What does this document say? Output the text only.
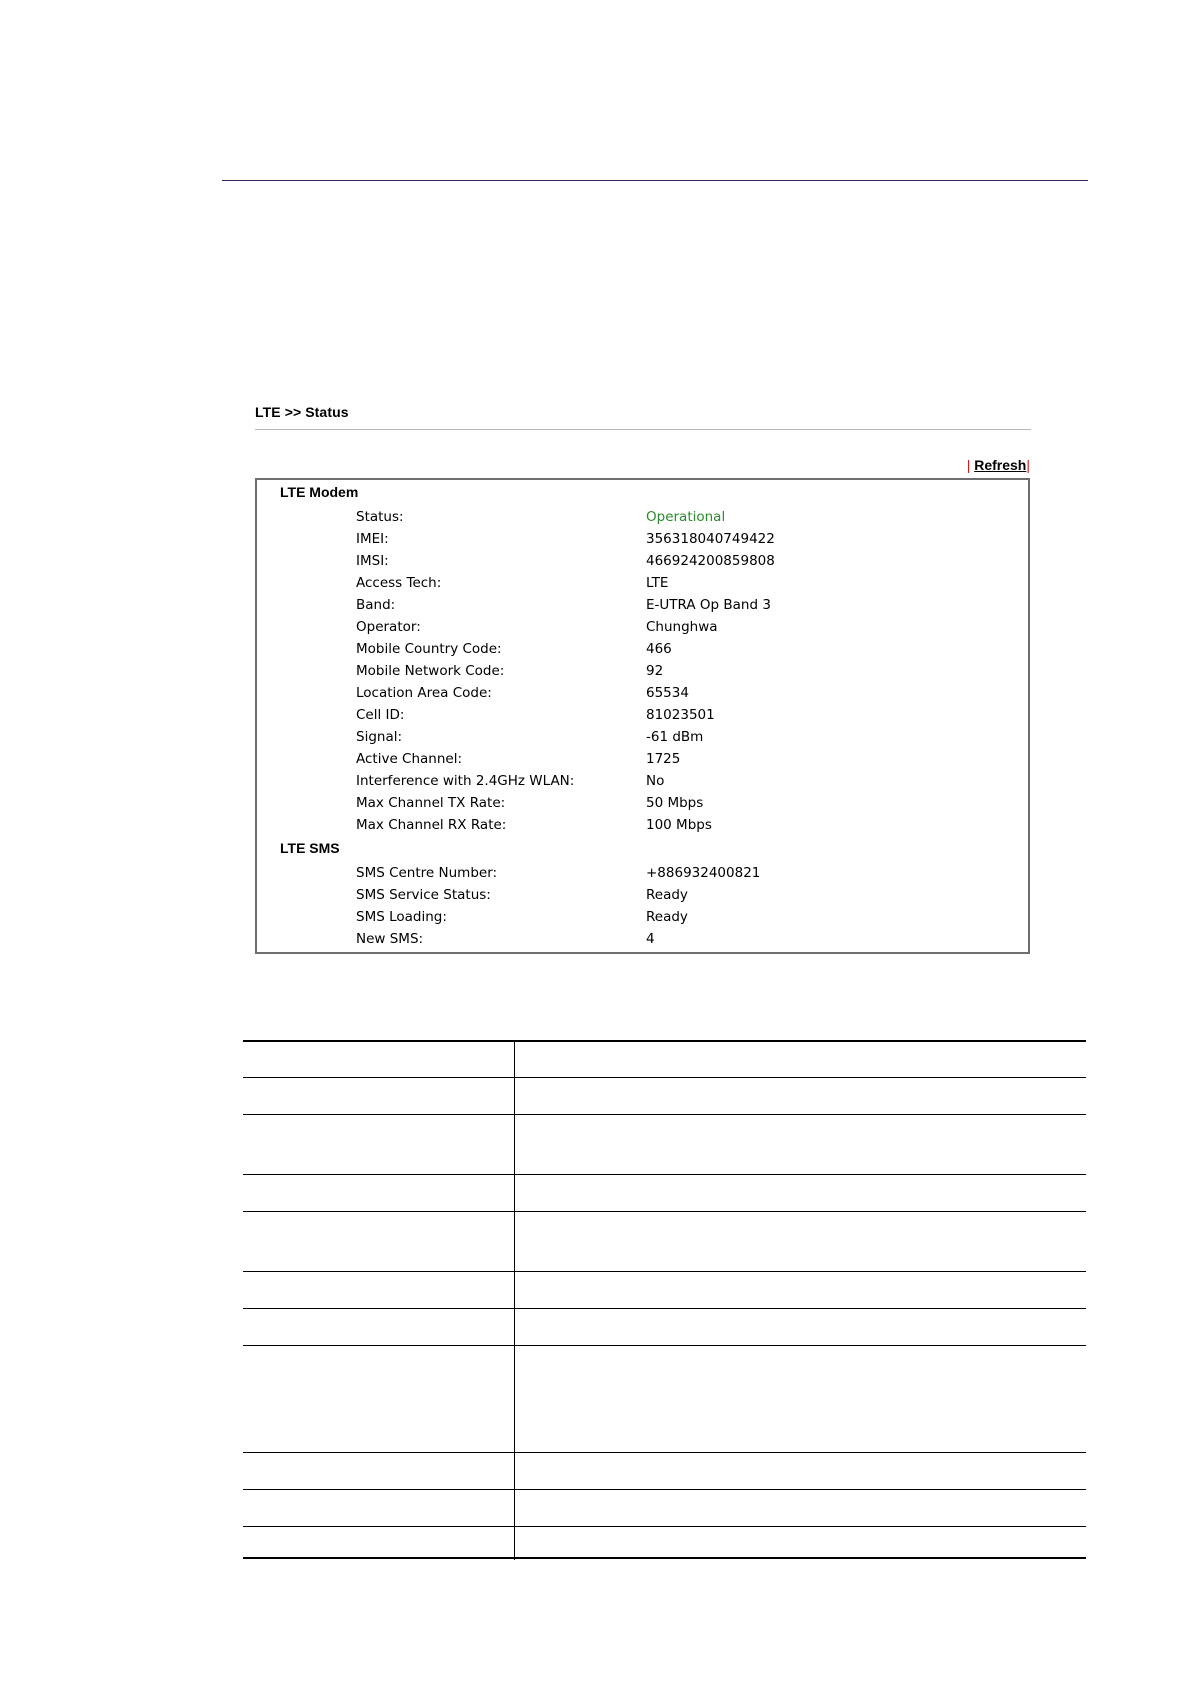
LTE >> Status
| Refresh|
LTE Modem
Status:	Operational
IMEI:	356318040749422
IMSI:	466924200859808
Access Tech:	LTE
Band:	E-UTRA Op Band 3
Operator:	Chunghwa
Mobile Country Code:	466
Mobile Network Code:	92
Location Area Code:	65534
Cell ID:	81023501
Signal:	-61 dBm
Active Channel:	1725
Interference with 2.4GHz WLAN:	No
Max Channel TX Rate:	50 Mbps
Max Channel RX Rate:	100 Mbps
LTE SMS
SMS Centre Number:	+886932400821
SMS Service Status:	Ready
SMS Loading:	Ready
New SMS:	4
